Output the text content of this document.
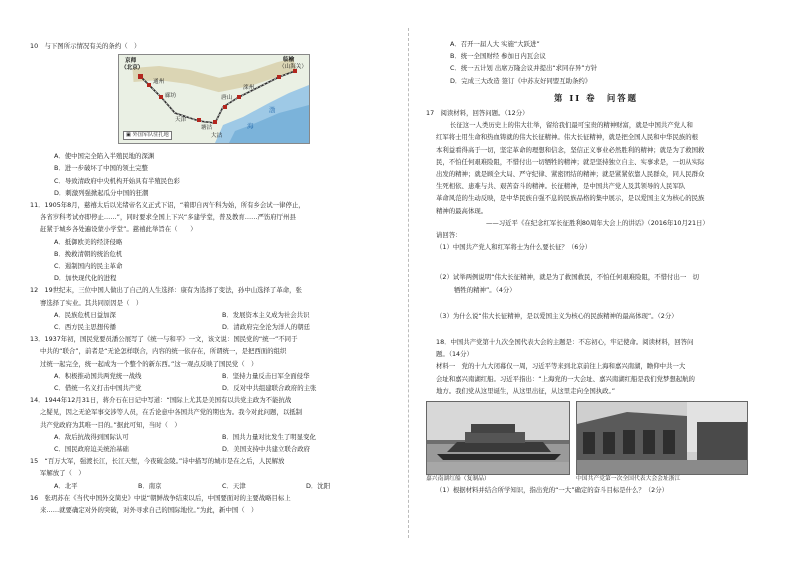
10　与下图所示情况有关的条约（　）
京师
（北京）
通州
廊坊
天津
唐山
塘沽
大沽
滦州
临榆
（山海关）
渤
海
▣ 外国军队驻扎地
A．使中国完全陷入半殖民地的深渊
B．进一步破坏了中国的领土完整
C．导致清政府中央机构开始具有半殖民色彩
D．刺激列强掀起瓜分中国的狂潮
11．1905年8月，慈禧太后以光绪帝名义正式下诏，“着即自丙午科为始，所有乡会试一律停止，
各省岁科考试亦即停止……”，同时要求全国上下兴“多建学堂，普及教育……严饬府厅州县
赶紧于城乡各处遍设蒙小学堂”。慈禧此举旨在（　　）
A．抵御欧美的经济侵略
B．挽救清朝的统治危机
C．遏制国内的民主革命
D．加快现代化的进程
12　19世纪末，三位中国人做出了自己的人生选择：康有为选择了变法，孙中山选择了革命，张
謇选择了实业。其共同原因是（　）
A．民族危机日益加深	B．发展资本主义成为社会共识
C．西方民主思想传播	D．清政府完全沦为洋人的朝廷
13．1937年初，国民党要员潘公展写了《统一与和平》一文，该文说：国民党的“统一”不同于
中共的“联合”，前者是“无论怎样联合，内容的统一依存在，所谓统一，是把西面的组织
过统一起完全，统一起成为一个整个的新东西。”这一观点反映了国民党（　）
A．积极推动国共两党统一战线	B．坚持力量反击日军全面侵华
C．借统一名义打击中国共产党	D．反对中共组建联合政府的主张
14．1944年12月31日，蒋介石在日记中写道：“国际上尤其是美国有以共党主政为不能抗战
之疑见，因之无论军事交涉等人员，在舌论意中各国共产党的期也为。我今对此问题，以抵制
共产党政府为其唯一目的。”据此可知，当时（　）
A．敌后抗战得到国际认可	B．国共力量对比发生了明显变化
C．国民政府迫关统治基础	D．美国支持中共建立联合政府
15　“百万大军，强渡长江，长江天堑，今夜破金陵。”诗中描写的城市是在之后，人民解放
军解放了（　）
A．北平	B．南京	C．天津	D．沈阳
16　张玥苏在《当代中国外交简史》中说“朝鲜战争结束以后，中国要面对的主要战略目标上
来……就要确定对外的突破，对外寻求自己的国际地位。”为此，新中国（　）
A．召开一届人大 实施“大跃进”
B．统一全国财经 参加日内瓦会议
C．统一五计划 出席万隆会议并提出“求同存异”方针
D．完成三大改造 签订《中苏友好同盟互助条约》
第 II 卷　问答题
17　阅读材料，回答问题。（12分）
长征这一人类历史上的伟大壮举，留给我们最可宝贵的精神财富，就是中国共产党人和
红军将士用生命和热血铸就的伟大长征精神。伟大长征精神，就是把全国人民和中华民族的根
本利益看得高于一切，坚定革命的理想和信念，坚信正义事业必然胜利的精神；就是为了救国救
民，不怕任何艰难险阻，不惜付出一切牺牲的精神；就是坚持独立自主、实事求是，一切从实际
出发的精神；就是顾全大局、严守纪律、紧密团结的精神；就是紧紧依靠人民群众，同人民群众
生死相依、患难与共、艰苦奋斗的精神。长征精神，是中国共产党人及其领导的人民军队
革命风范的生动反映，是中华民族自强不息的民族品格的集中展示，是以爱国主义为核心的民族
精神的最高体现。
——习近平《在纪念红军长征胜利80周年大会上的讲话》（2016年10月21日）
请回答：
（1）中国共产党人和红军将士为什么要长征？（6分）
（2）试举两例说明“伟大长征精神，就是为了救国救民，不怕任何艰难险阻，不惜付出一　切
牺牲的精神”。（4分）
（3）为什么说“伟大长征精神，是以爱国主义为核心的民族精神的最高体现”。（2分）
18．中国共产党第十九次全国代表大会的主题是：不忘初心，牢记使命。阅读材料，回答问
题。（14分）
材料一　党的十九大闭幕仅一周，习近平等来到北京前往上海和嘉兴南湖，瞻仰中共一大
会址和嘉兴南湖红船。习近平指出：“上海党的一大会址、嘉兴南湖红船是我们党梦想起航的
地方。我们党从这里诞生，从这里出征，从这里走向全国执政。”
嘉兴南湖红船（复制品）	中国共产党第一次全国代表大会会址浙江
（1）根据材料并结合所学知识，指出党的“一大”确定的奋斗目标是什么？（2分）
